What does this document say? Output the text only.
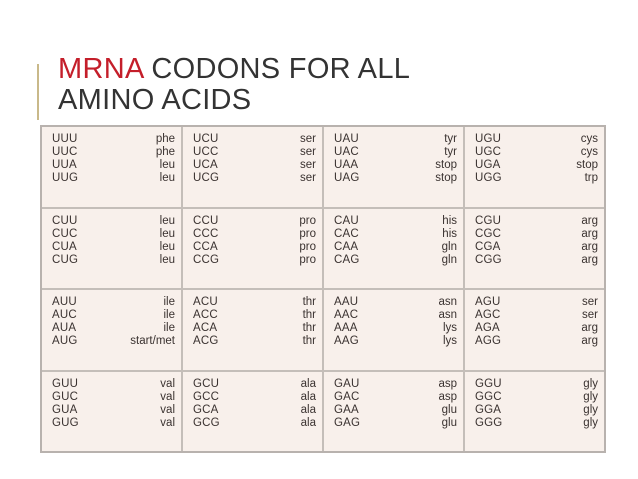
MRNA CODONS FOR ALL
AMINO ACIDS
UUU	phe
UUC	phe
UUA	leu
UUG	leu
UCU	ser
UCC	ser
UCA	ser
UCG	ser
UAU	tyr
UAC	tyr
UAA	stop
UAG	stop
UGU	cys
UGC	cys
UGA	stop
UGG	trp
CUU	leu
CUC	leu
CUA	leu
CUG	leu
CCU	pro
CCC	pro
CCA	pro
CCG	pro
CAU	his
CAC	his
CAA	gln
CAG	gln
CGU	arg
CGC	arg
CGA	arg
CGG	arg
AUU	ile
AUC	ile
AUA	ile
AUG	start/met
ACU	thr
ACC	thr
ACA	thr
ACG	thr
AAU	asn
AAC	asn
AAA	lys
AAG	lys
AGU	ser
AGC	ser
AGA	arg
AGG	arg
GUU	val
GUC	val
GUA	val
GUG	val
GCU	ala
GCC	ala
GCA	ala
GCG	ala
GAU	asp
GAC	asp
GAA	glu
GAG	glu
GGU	gly
GGC	gly
GGA	gly
GGG	gly
